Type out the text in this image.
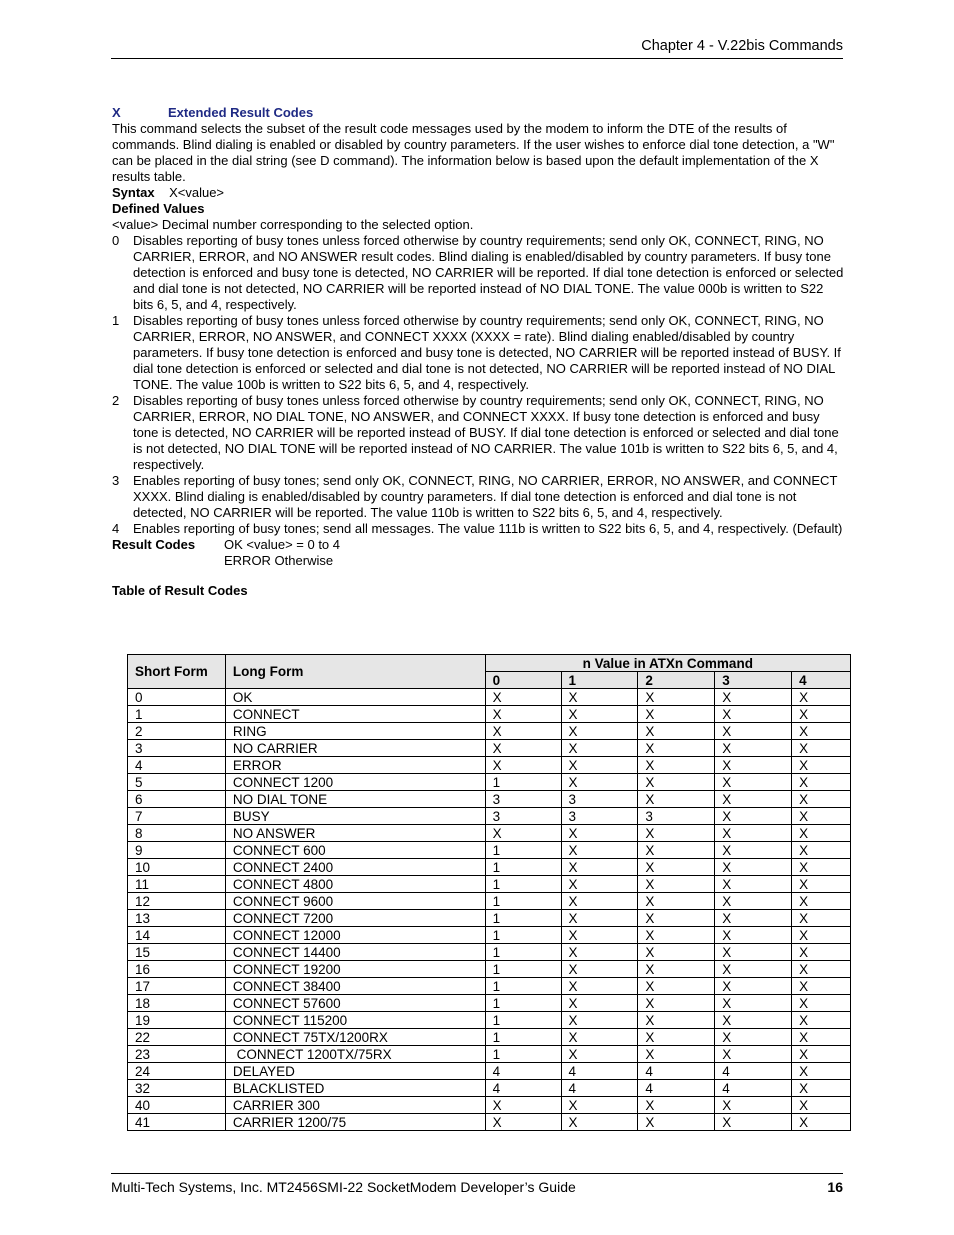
Chapter 4 - V.22bis Commands
X	Extended Result Codes

This command selects the subset of the result code messages used by the modem to inform the DTE of the results of commands. Blind dialing is enabled or disabled by country parameters. If the user wishes to enforce dial tone detection, a "W" can be placed in the dial string (see D command). The information below is based upon the default implementation of the X results table.

Syntax X<value>

Defined Values

<value> Decimal number corresponding to the selected option.

0	Disables reporting of busy tones unless forced otherwise by country requirements; send only OK, CONNECT, RING, NO CARRIER, ERROR, and NO ANSWER result codes. Blind dialing is enabled/disabled by country parameters. If busy tone detection is enforced and busy tone is detected, NO CARRIER will be reported. If dial tone detection is enforced or selected and dial tone is not detected, NO CARRIER will be reported instead of NO DIAL TONE. The value 000b is written to S22 bits 6, 5, and 4, respectively.
1	Disables reporting of busy tones unless forced otherwise by country requirements; send only OK, CONNECT, RING, NO CARRIER, ERROR, NO ANSWER, and CONNECT XXXX (XXXX = rate). Blind dialing enabled/disabled by country parameters. If busy tone detection is enforced and busy tone is detected, NO CARRIER will be reported instead of BUSY. If dial tone detection is enforced or selected and dial tone is not detected, NO CARRIER will be reported instead of NO DIAL TONE. The value 100b is written to S22 bits 6, 5, and 4, respectively.
2	Disables reporting of busy tones unless forced otherwise by country requirements; send only OK, CONNECT, RING, NO CARRIER, ERROR, NO DIAL TONE, NO ANSWER, and CONNECT XXXX. If busy tone detection is enforced and busy tone is detected, NO CARRIER will be reported instead of BUSY. If dial tone detection is enforced or selected and dial tone is not detected, NO DIAL TONE will be reported instead of NO CARRIER. The value 101b is written to S22 bits 6, 5, and 4, respectively.
3	Enables reporting of busy tones; send only OK, CONNECT, RING, NO CARRIER, ERROR, NO ANSWER, and CONNECT XXXX. Blind dialing is enabled/disabled by country parameters. If dial tone detection is enforced and dial tone is not detected, NO CARRIER will be reported. The value 110b is written to S22 bits 6, 5, and 4, respectively.
4	Enables reporting of busy tones; send all messages. The value 111b is written to S22 bits 6, 5, and 4, respectively. (Default)
Result Codes	OK <value> = 0 to 4
ERROR Otherwise

Table of Result Codes

Short Form	Long Form	n Value in ATXn Command				
		0	1	2	3	4
0	OK	X	X	X	X	X
1	CONNECT	X	X	X	X	X
2	RING	X	X	X	X	X
3	NO CARRIER	X	X	X	X	X
4	ERROR	X	X	X	X	X
5	CONNECT 1200	1	X	X	X	X
6	NO DIAL TONE	3	3	X	X	X
7	BUSY	3	3	3	X	X
8	NO ANSWER	X	X	X	X	X
9	CONNECT 600	1	X	X	X	X
10	CONNECT 2400	1	X	X	X	X
11	CONNECT 4800	1	X	X	X	X
12	CONNECT 9600	1	X	X	X	X
13	CONNECT 7200	1	X	X	X	X
14	CONNECT 12000	1	X	X	X	X
15	CONNECT 14400	1	X	X	X	X
16	CONNECT 19200	1	X	X	X	X
17	CONNECT 38400	1	X	X	X	X
18	CONNECT 57600	1	X	X	X	X
19	CONNECT 115200	1	X	X	X	X
22	CONNECT 75TX/1200RX	1	X	X	X	X
23	CONNECT 1200TX/75RX	1	X	X	X	X
24	DELAYED	4	4	4	4	X
32	BLACKLISTED	4	4	4	4	X
40	CARRIER 300	X	X	X	X	X
41	CARRIER 1200/75	X	X	X	X	X
Multi-Tech Systems, Inc. MT2456SMI-22 SocketModem Developer’s Guide	16
